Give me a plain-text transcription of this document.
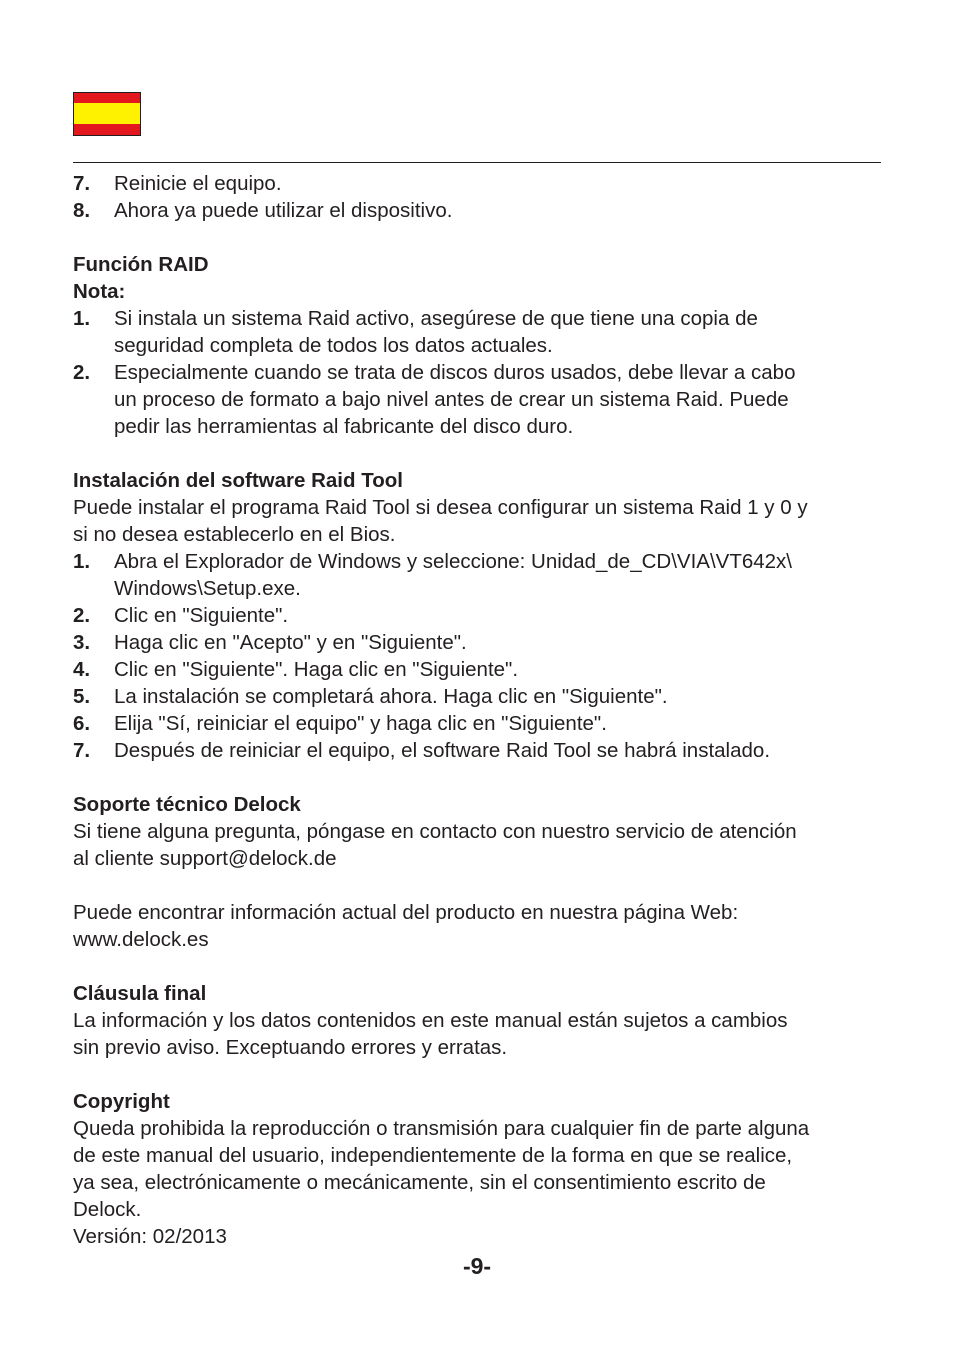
7.	Reinicie el equipo.
8.	Ahora ya puede utilizar el dispositivo.
Función RAID
Nota:
1.	Si instala un sistema Raid activo, asegúrese de que tiene una copia de
seguridad completa de todos los datos actuales.
2.	Especialmente cuando se trata de discos duros usados, debe llevar a cabo
un proceso de formato a bajo nivel antes de crear un sistema Raid. Puede
pedir las herramientas al fabricante del disco duro.
Instalación del software Raid Tool
Puede instalar el programa Raid Tool si desea configurar un sistema Raid 1 y 0 y
si no desea establecerlo en el Bios.
1.	Abra el Explorador de Windows y seleccione: Unidad_de_CD\VIA\VT642x\
Windows\Setup.exe.
2.	Clic en "Siguiente".
3.	Haga clic en "Acepto" y en "Siguiente".
4.	Clic en "Siguiente". Haga clic en "Siguiente".
5.	La instalación se completará ahora. Haga clic en "Siguiente".
6.	Elija "Sí, reiniciar el equipo" y haga clic en "Siguiente".
7.	Después de reiniciar el equipo, el software Raid Tool se habrá instalado.
Soporte técnico Delock
Si tiene alguna pregunta, póngase en contacto con nuestro servicio de atención
al cliente support@delock.de
Puede encontrar información actual del producto en nuestra página Web:
www.delock.es
Cláusula final
La información y los datos contenidos en este manual están sujetos a cambios
sin previo aviso. Exceptuando errores y erratas.
Copyright
Queda prohibida la reproducción o transmisión para cualquier fin de parte alguna
de este manual del usuario, independientemente de la forma en que se realice,
ya sea, electrónicamente o mecánicamente, sin el consentimiento escrito de
Delock.
Versión: 02/2013
-9-
